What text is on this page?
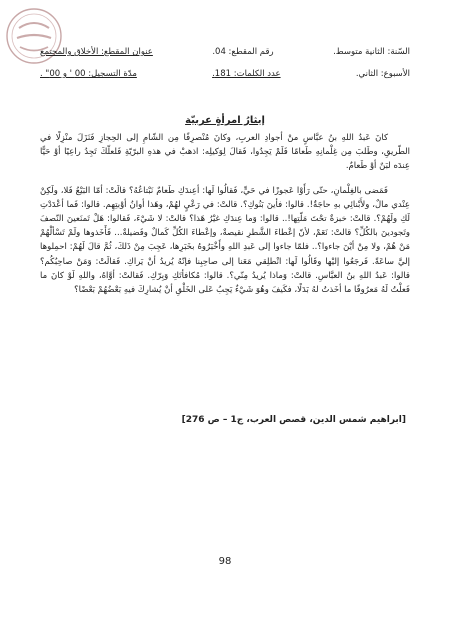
السّنة: الثانية متوسط.
رقم المقطع: 04.
عنوان المقطع: الأخلاق والمجتمع
الأسبوع: الثاني.
عدد الكلمات: 181.
مدّة التسجيل: 00 ' و 00" .
إيثارُ امرأةٍ عربيّة

كانَ عَبدُ اللهِ بنُ عبَّاسٍ منْ أجوادِ العربِ، وكانَ مُنْصرِفًا مِن الشّامِ إلى الحِجازِ فَنَزَلَ منْزِلًا في الطّريقِ، وطَلبَ مِن غِلْمانِهِ طَعامًا فَلَمْ يَجِدُوا، فَقالَ لِوَكيلِه: اذهبْ في هذهِ البرّيّةِ فَلعلّكَ تَجِدُ راعِيًا أوْ حَيًّا عِندَه لبَنٌ أوْ طَعامٌ.

فَمَضى بالغِلْمانِ، حتّى رَأَوْا عَجوزًا في حَيٍّ، فَقالُوا لَها: أعِندَكِ طَعامٌ نَبْتاعُهُ؟ قالَتْ: أمّا البَيْعُ فَلا، ولَكِنْ عِنْدي مالٌ، ولأَبْنائِي بهِ حاجَةٌ!. قالوا: فأينَ بَنُوكِ؟. قالتْ: في رَعْيٍ لهُمْ، وهَذا أوانُ أوْبتِهِم. قالوا: فَما أعْدَدْتِ لَكِ ولَهُمْ؟. قالتْ: خبزةٌ تحْتَ مَلّتِها!.. قالوا: وَما عِندَكِ غيْرُ هَذا؟ قالتْ: لا شَيْءَ، فَقالوا: هَلْ تَمنَعينَ النّصفَ وتَجودينَ بالكُلِّ؟ قالتْ: نَعَمْ، لأنّ إعْطاءَ الشَّطرِ نقيصةٌ، وإعْطاءَ الكُلِّ كَمالٌ وفَضيلةٌ... فَأَخَذوها ولَمْ تَسْألْهُمْ مَنْ هُمْ، ولا مِنْ أيْنَ جاءوا؟.. فلمّا جاءوا إلى عَبدِ اللهِ وأَخْبَرُوهُ بخَبَرِها، عَجِبَ مِنْ ذَلكَ، ثُمَّ قالَ لَهُمْ: احمِلوها إليَّ ساعَةً. فَرجَعُوا إليْها وقَالُوا لَها: انْطلِقي مَعَنا إلى صاحِبِنا فإنّهُ يُريدُ أنْ يَراكِ. فَقالَتْ: وَمَنْ صاحِبُكُم؟ قالوا: عَبدُ اللهِ بنُ العبَّاسِ. قالتْ: وَماذا يُريدُ مِنّي؟. قالوا: مُكافأتَكِ وَبِرّكِ. فَقالتْ: أوَّاهُ، واللهِ لَوْ كانَ ما فَعلْتُ لَهُ مَعرُوفًا ما أخَذتُ لهُ بَدَلًا، فكَيفَ وهُوَ شَيْءٌ يَجِبُ عَلى الخَلْقِ أنْ يُشارِكَ فيهِ بَعْضُهُمْ بَعْضًا؟

[ابراهيم شمس الدين، قصص العرب، ج1 – ص 276]
98
